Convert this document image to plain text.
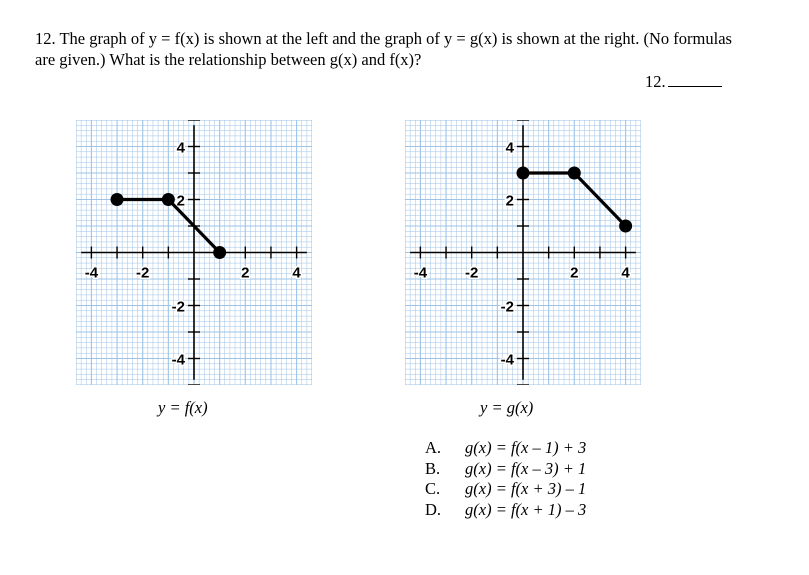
12. The graph of y = f(x) is shown at the left and the graph of y = g(x) is shown at the right. (No formulas are given.) What is the relationship between g(x) and f(x)?

12.
-4	-2	2	4
4
2
-2
-4
-4	-2	2	4
4
2
-2
-4
y = f(x)	y = g(x)
A. g(x) = f(x – 1) + 3
B. g(x) = f(x – 3) + 1
C. g(x) = f(x + 3) – 1
D. g(x) = f(x + 1) – 3
